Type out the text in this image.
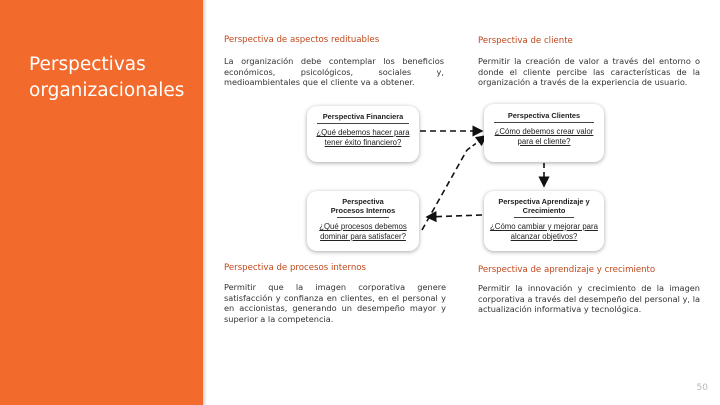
Perspectivas organizacionales
Perspectiva de aspectos redituables
La organización debe contemplar los beneficios económicos, psicológicos, sociales y, medioambientales que el cliente va a obtener.
Perspectiva de cliente
Permitir la creación de valor a través del entorno o donde el cliente percibe las características de la organización a través de la experiencia de usuario.
Perspectiva Financiera
¿Qué debemos hacer para tener éxito financiero?
Perspectiva Clientes
¿Cómo debemos crear valor para el cliente?
Perspectiva Procesos Internos
¿Qué procesos debemos dominar para satisfacer?
Perspectiva Aprendizaje y Crecimiento
¿Cómo cambiar y mejorar para alcanzar objetivos?
Perspectiva de procesos internos
Permitir que la imagen corporativa genere satisfacción y confianza en clientes, en el personal y en accionistas, generando un desempeño mayor y superior a la competencia.
Perspectiva de aprendizaje y crecimiento
Permitir la innovación y crecimiento de la imagen corporativa a través del desempeño del personal y, la actualización informativa y tecnológica.
50
